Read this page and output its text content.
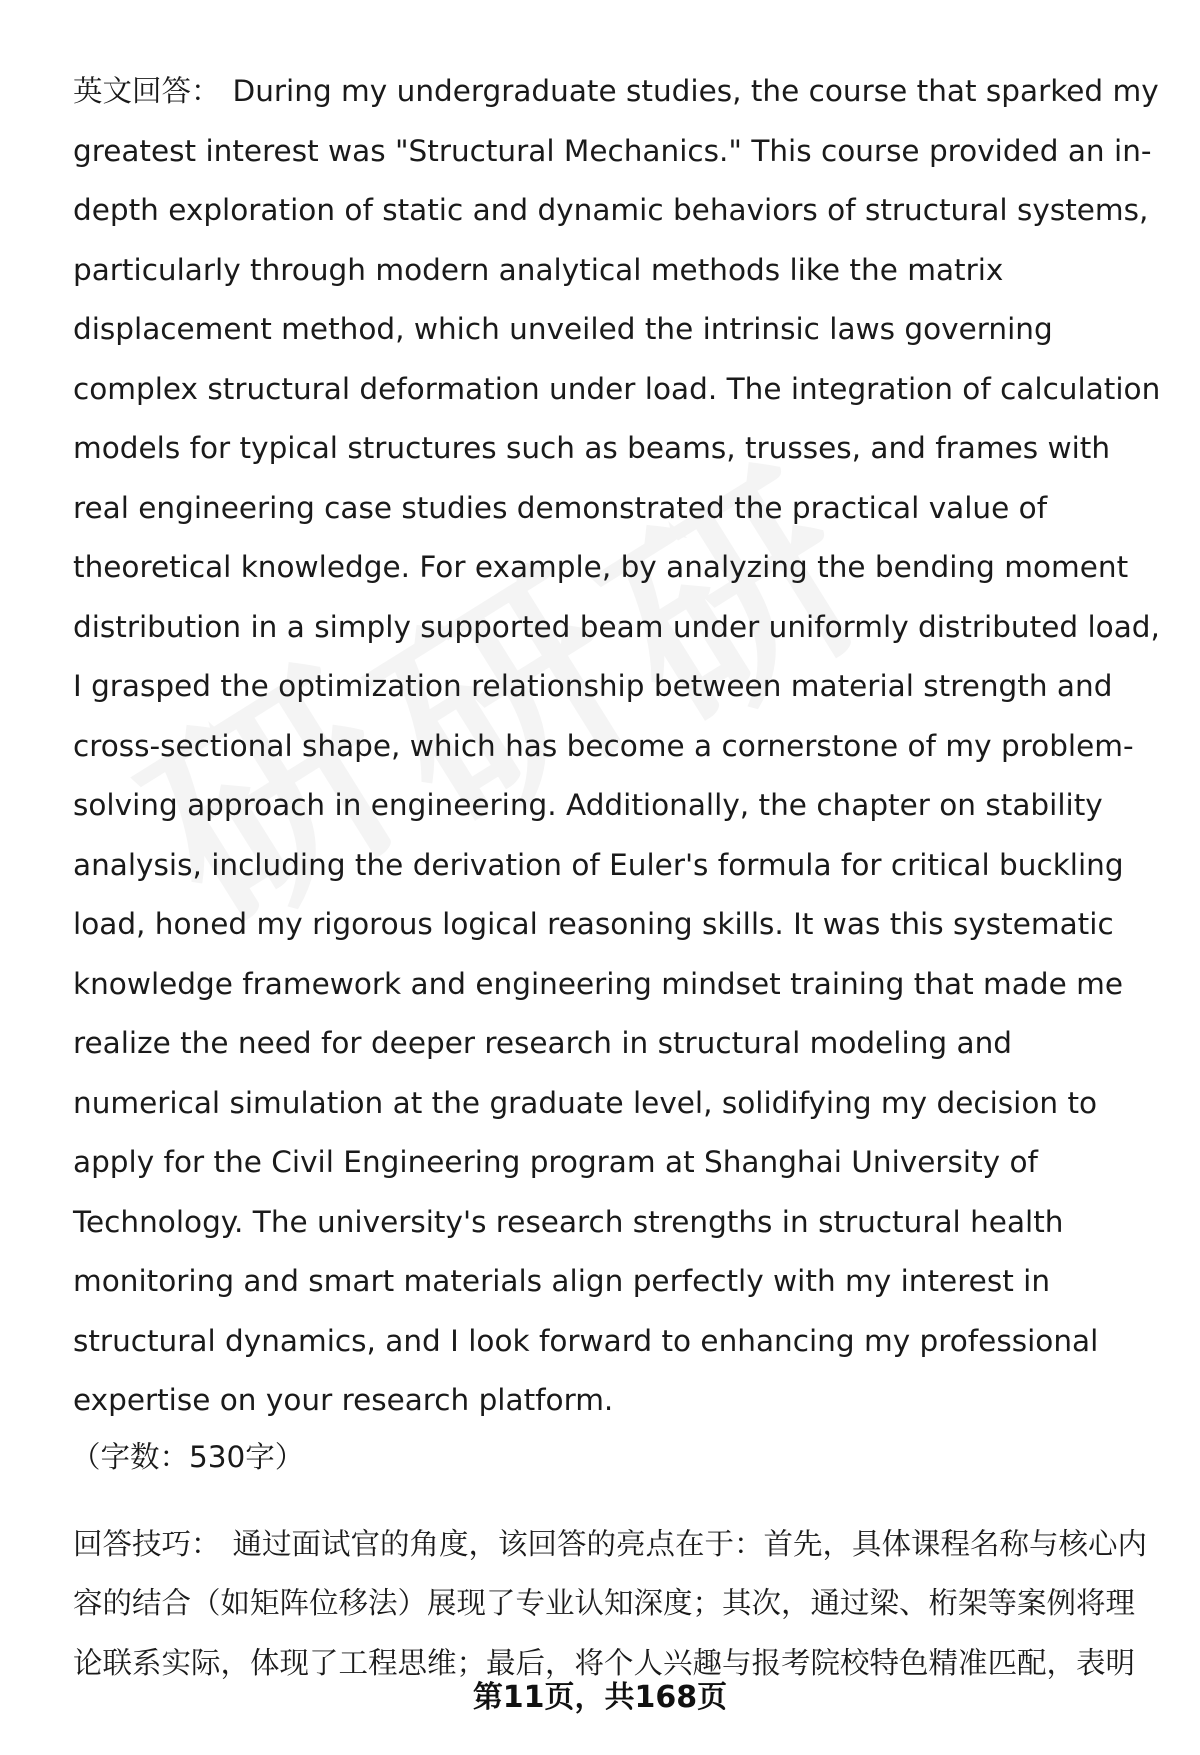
英文回答： During my undergraduate studies, the course that sparked my greatest interest was "Structural Mechanics." This course provided an in-depth exploration of static and dynamic behaviors of structural systems, particularly through modern analytical methods like the matrix displacement method, which unveiled the intrinsic laws governing complex structural deformation under load. The integration of calculation models for typical structures such as beams, trusses, and frames with real engineering case studies demonstrated the practical value of theoretical knowledge. For example, by analyzing the bending moment distribution in a simply supported beam under uniformly distributed load, I grasped the optimization relationship between material strength and cross-sectional shape, which has become a cornerstone of my problem-solving approach in engineering. Additionally, the chapter on stability analysis, including the derivation of Euler's formula for critical buckling load, honed my rigorous logical reasoning skills. It was this systematic knowledge framework and engineering mindset training that made me realize the need for deeper research in structural modeling and numerical simulation at the graduate level, solidifying my decision to apply for the Civil Engineering program at Shanghai University of Technology. The university's research strengths in structural health monitoring and smart materials align perfectly with my interest in structural dynamics, and I look forward to enhancing my professional expertise on your research platform.

（字数：530字）

回答技巧： 通过面试官的角度，该回答的亮点在于：首先，具体课程名称与核心内容的结合（如矩阵位移法）展现了专业认知深度；其次，通过梁、桁架等案例将理论联系实际，体现了工程思维；最后，将个人兴趣与报考院校特色精准匹配，表明

第11页，共168页
